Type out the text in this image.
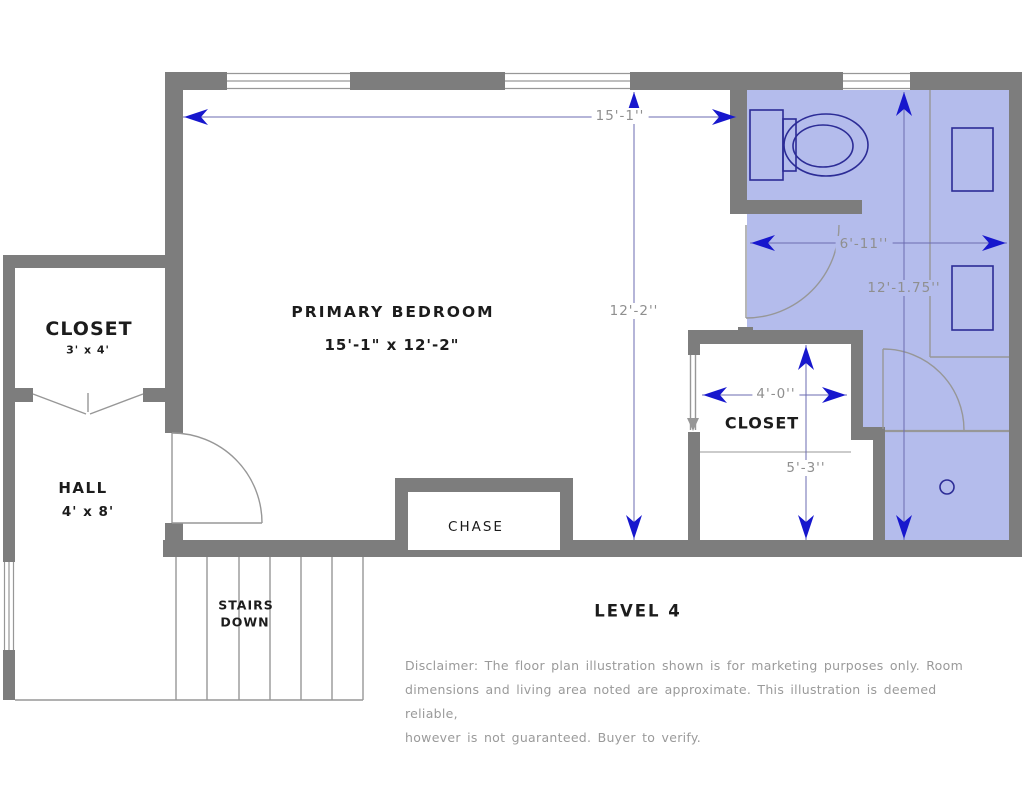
CLOSET
3' x 4'
PRIMARY BEDROOM
15'-1" x 12'-2"
HALL
4' x 8'
STAIRS
DOWN
CHASE
CLOSET
LEVEL 4
15'-1''
12'-2''
6'-11''
12'-1.75''
4'-0''
5'-3''
Disclaimer: The floor plan illustration shown is for marketing purposes only. Room
dimensions and living area noted are approximate. This illustration is deemed reliable,
however is not guaranteed. Buyer to verify.
